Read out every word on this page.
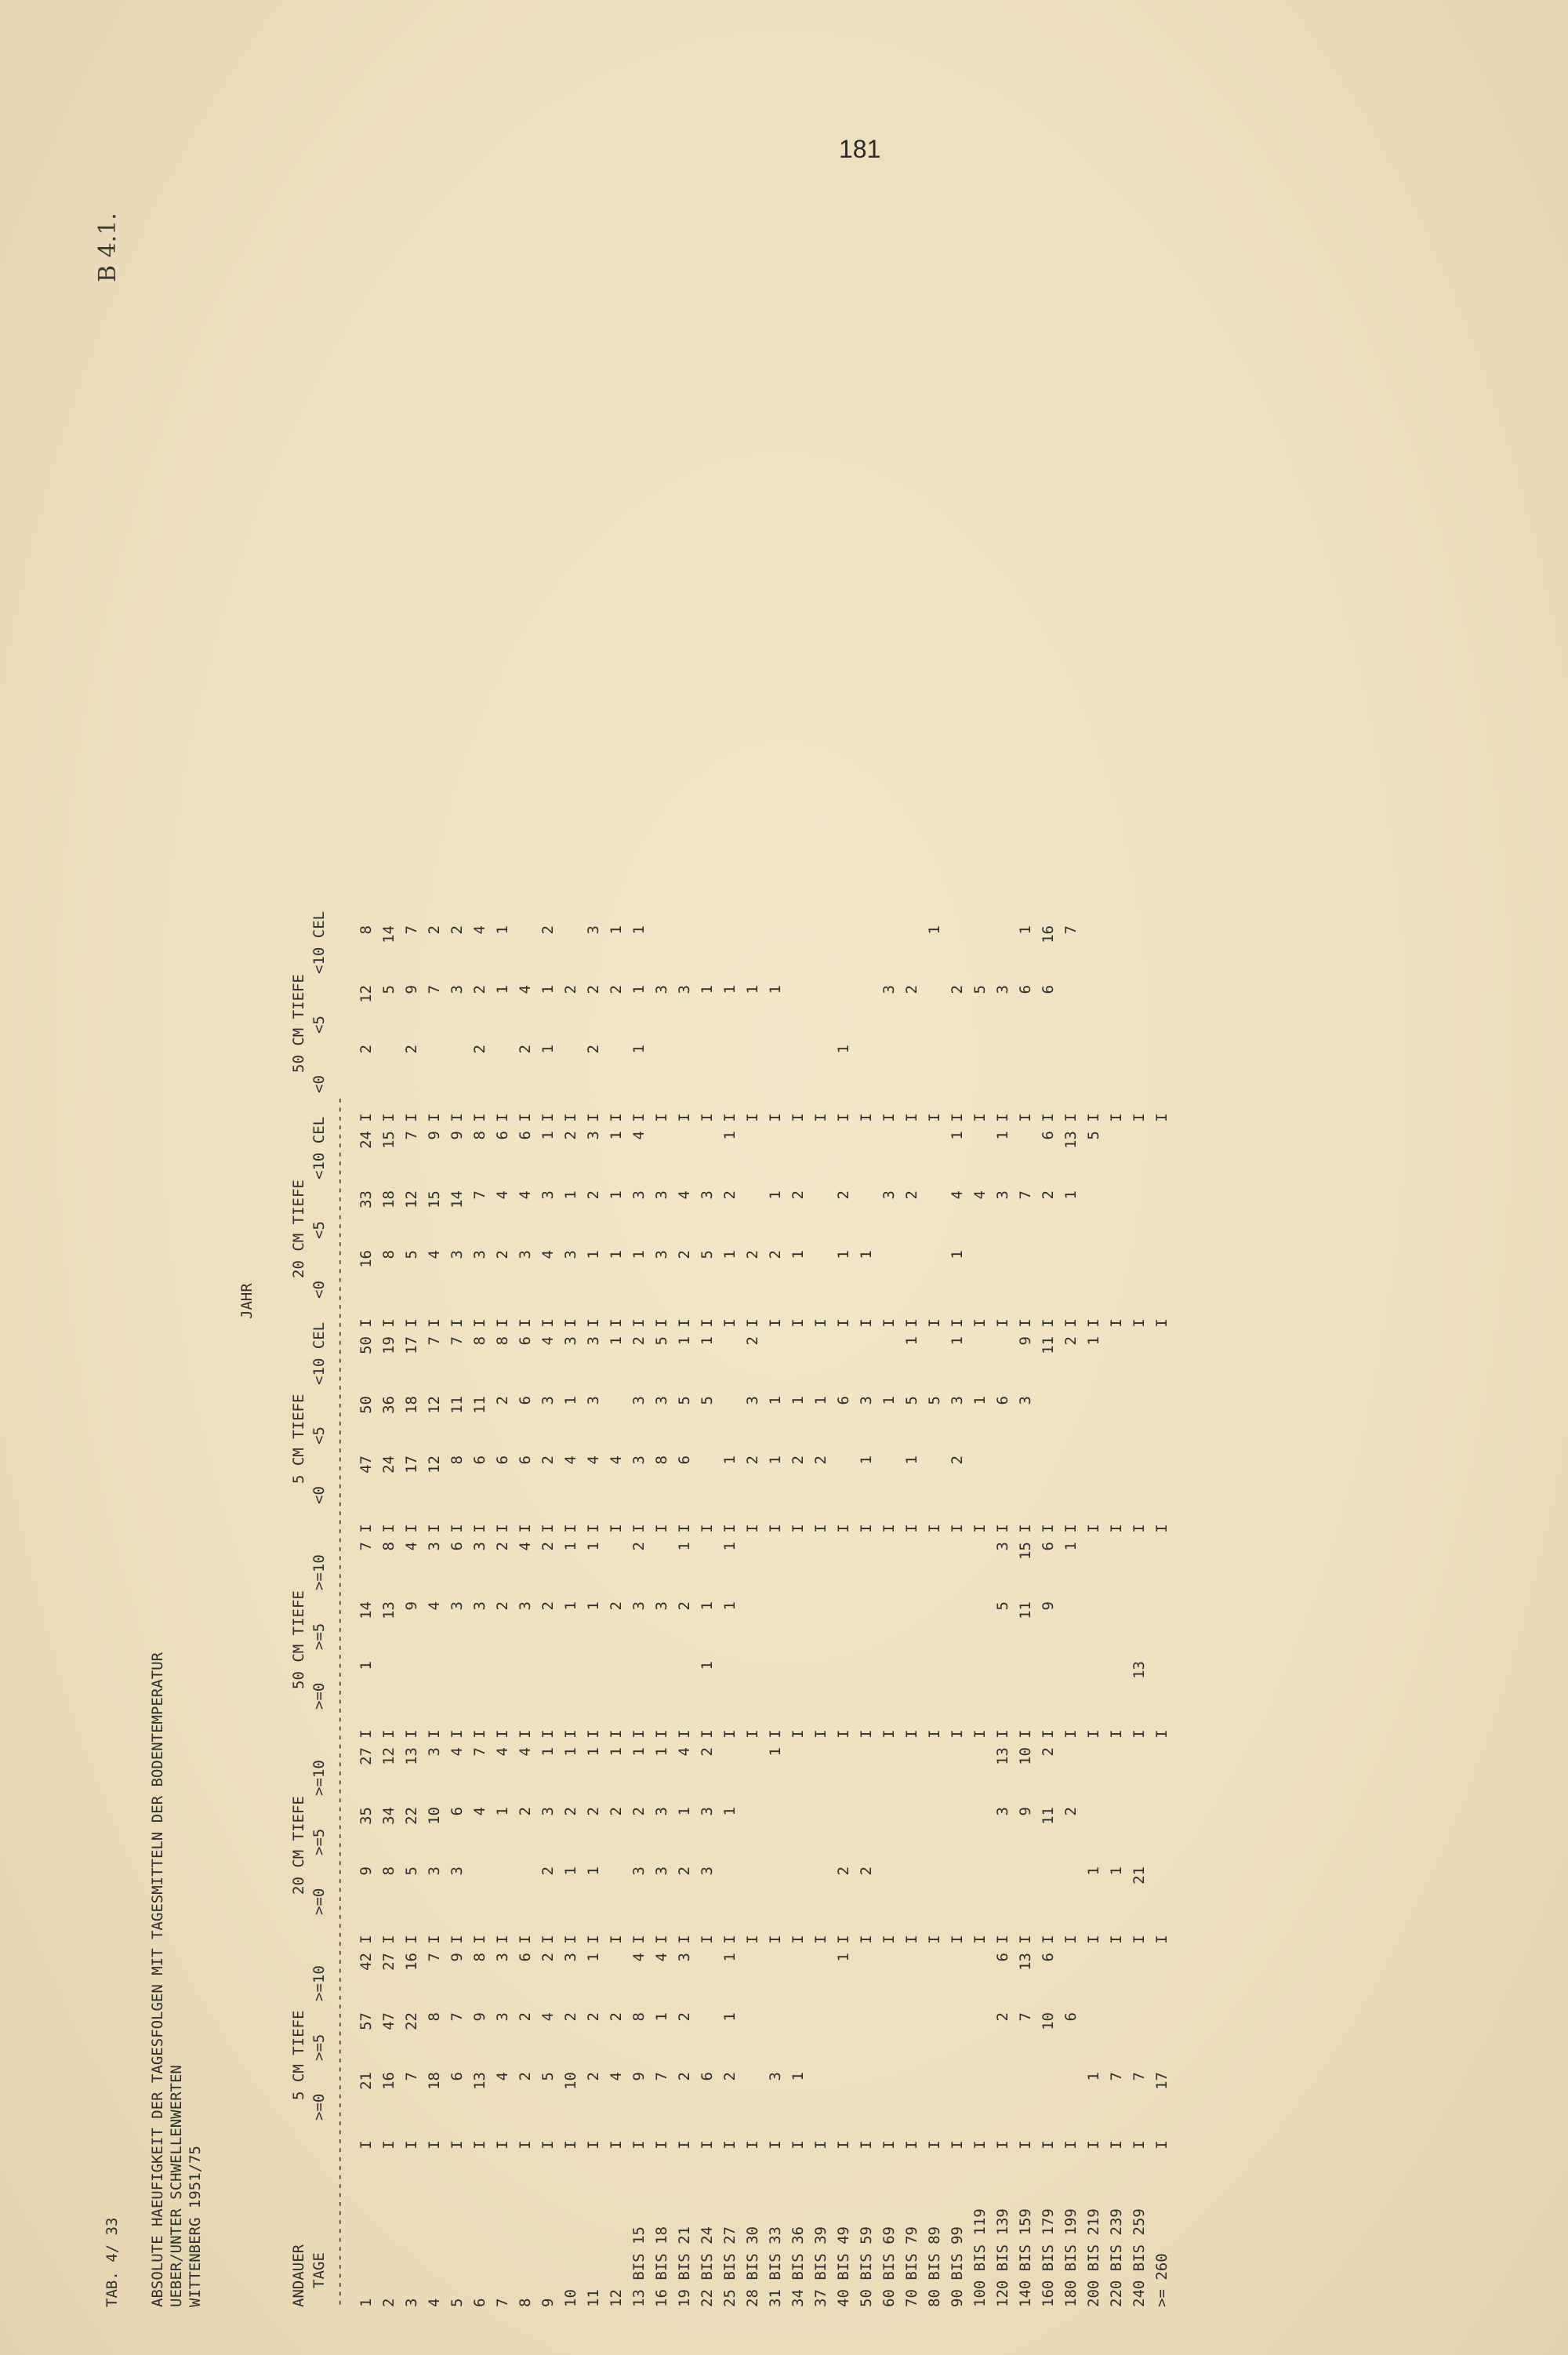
181
B 4.1.
TAB. 4/ 33 ABSOLUTE HAEUFIGKEIT DER TAGESFOLGEN MIT TAGESMITTELN DER BODENTEMPERATUR UEBER/UNTER SCHWELLENWERTEN WITTENBERG 1951/75
JAHR
ANDAUER TAGE --------------------------------------------------------------------------------------------------------------------------------------- 1
I
21
57
42
I
9
35
27
I
1
14
7
I
47
50
50
I
16
33
24
I
2
12
8
2
I
16
47
27
I
8
34
12
I
13
8
I
24
36
19
I
8
18
15
I
5
14
3
I
7
22
16
I
5
22
13
I
9
4
I
17
18
17
I
5
12
7
I
2
9
7
4
I
18
8
7
I
3
10
3
I
4
3
I
12
12
7
I
4
15
9
I
7
2
5
I
6
7
9
I
3
6
4
I
3
6
I
8
11
7
I
3
14
9
I
3
2
6
I
13
9
8
I
4
7
I
3
3
I
6
11
8
I
3
7
8
I
2
2
4
7
I
4
3
3
I
1
4
I
2
2
I
6
2
8
I
2
4
6
I
1
1
8
I
2
2
6
I
2
4
I
3
4
I
6
6
6
I
3
4
6
I
2
4
9
I
5
4
2
I
2
3
1
I
2
2
I
2
3
4
I
4
3
1
I
1
1
2
10
I
10
2
3
I
1
2
1
I
1
1
I
4
1
3
I
3
1
2
I
2
11
I
2
2
1
I
1
2
1
I
1
1
I
4
3
3
I
1
2
3
I
2
2
3
12
I
4
2
I
2
1
I
2
I
4
1
I
1
1
1
I
2
1
13 BIS 15
I
9
8
4
I
3
2
1
I
3
2
I
3
3
2
I
1
3
4
I
1
1
1
16 BIS 18
I
7
1
4
I
3
3
1
I
3
I
8
3
5
I
3
3
I
3
19 BIS 21
I
2
2
3
I
2
1
4
I
2
1
I
6
5
1
I
2
4
I
3
22 BIS 24
I
6
I
3
3
2
I
1
1
I
5
1
I
5
3
I
1
25 BIS 27
I
2
1
1
I
1
I
1
1
I
1
I
1
2
1
I
1
28 BIS 30
I
I
I
I
2
3
2
I
2
I
1
31 BIS 33
I
3
I
1
I
I
1
1
I
2
1
I
1
34 BIS 36
I
1
I
I
I
2
1
I
1
2
I
37 BIS 39
I
I
I
I
2
1
I
I
40 BIS 49
I
1
I
2
I
I
6
I
1
2
I
1
50 BIS 59
I
I
2
I
I
1
3
I
1
I
60 BIS 69
I
I
I
I
1
I
3
I
3
70 BIS 79
I
I
I
I
1
5
1
I
2
I
2
80 BIS 89
I
I
I
I
5
I
I
1
90 BIS 99
I
I
I
I
2
3
1
I
1
4
1
I
2
100 BIS 119
I
I
I
I
1
I
4
I
5
120 BIS 139
I
2
6
I
3
13
I
5
3
I
6
I
3
1
I
3
140 BIS 159
I
7
13
I
9
10
I
11
15
I
3
9
I
7
I
6
1
160 BIS 179
I
10
6
I
11
2
I
9
6
I
11
I
2
6
I
6
16
180 BIS 199
I
6
I
2
I
1
I
2
I
1
13
I
7
200 BIS 219
I
1
I
1
I
I
1
I
5
I
220 BIS 239
I
7
I
1
I
I
I
I
240 BIS 259
I
7
I
21
I
13
I
I
I
>= 260
I
17
I
I
I
I
I
5 CM TIEFE
>=0
>=5
>=10
20 CM TIEFE
>=0
>=5
>=10
50 CM TIEFE
>=0
>=5
>=10
5 CM TIEFE
<0
<5
<10 CEL
20 CM TIEFE
<0
<5
<10 CEL
50 CM TIEFE
<0
<5
<10 CEL
